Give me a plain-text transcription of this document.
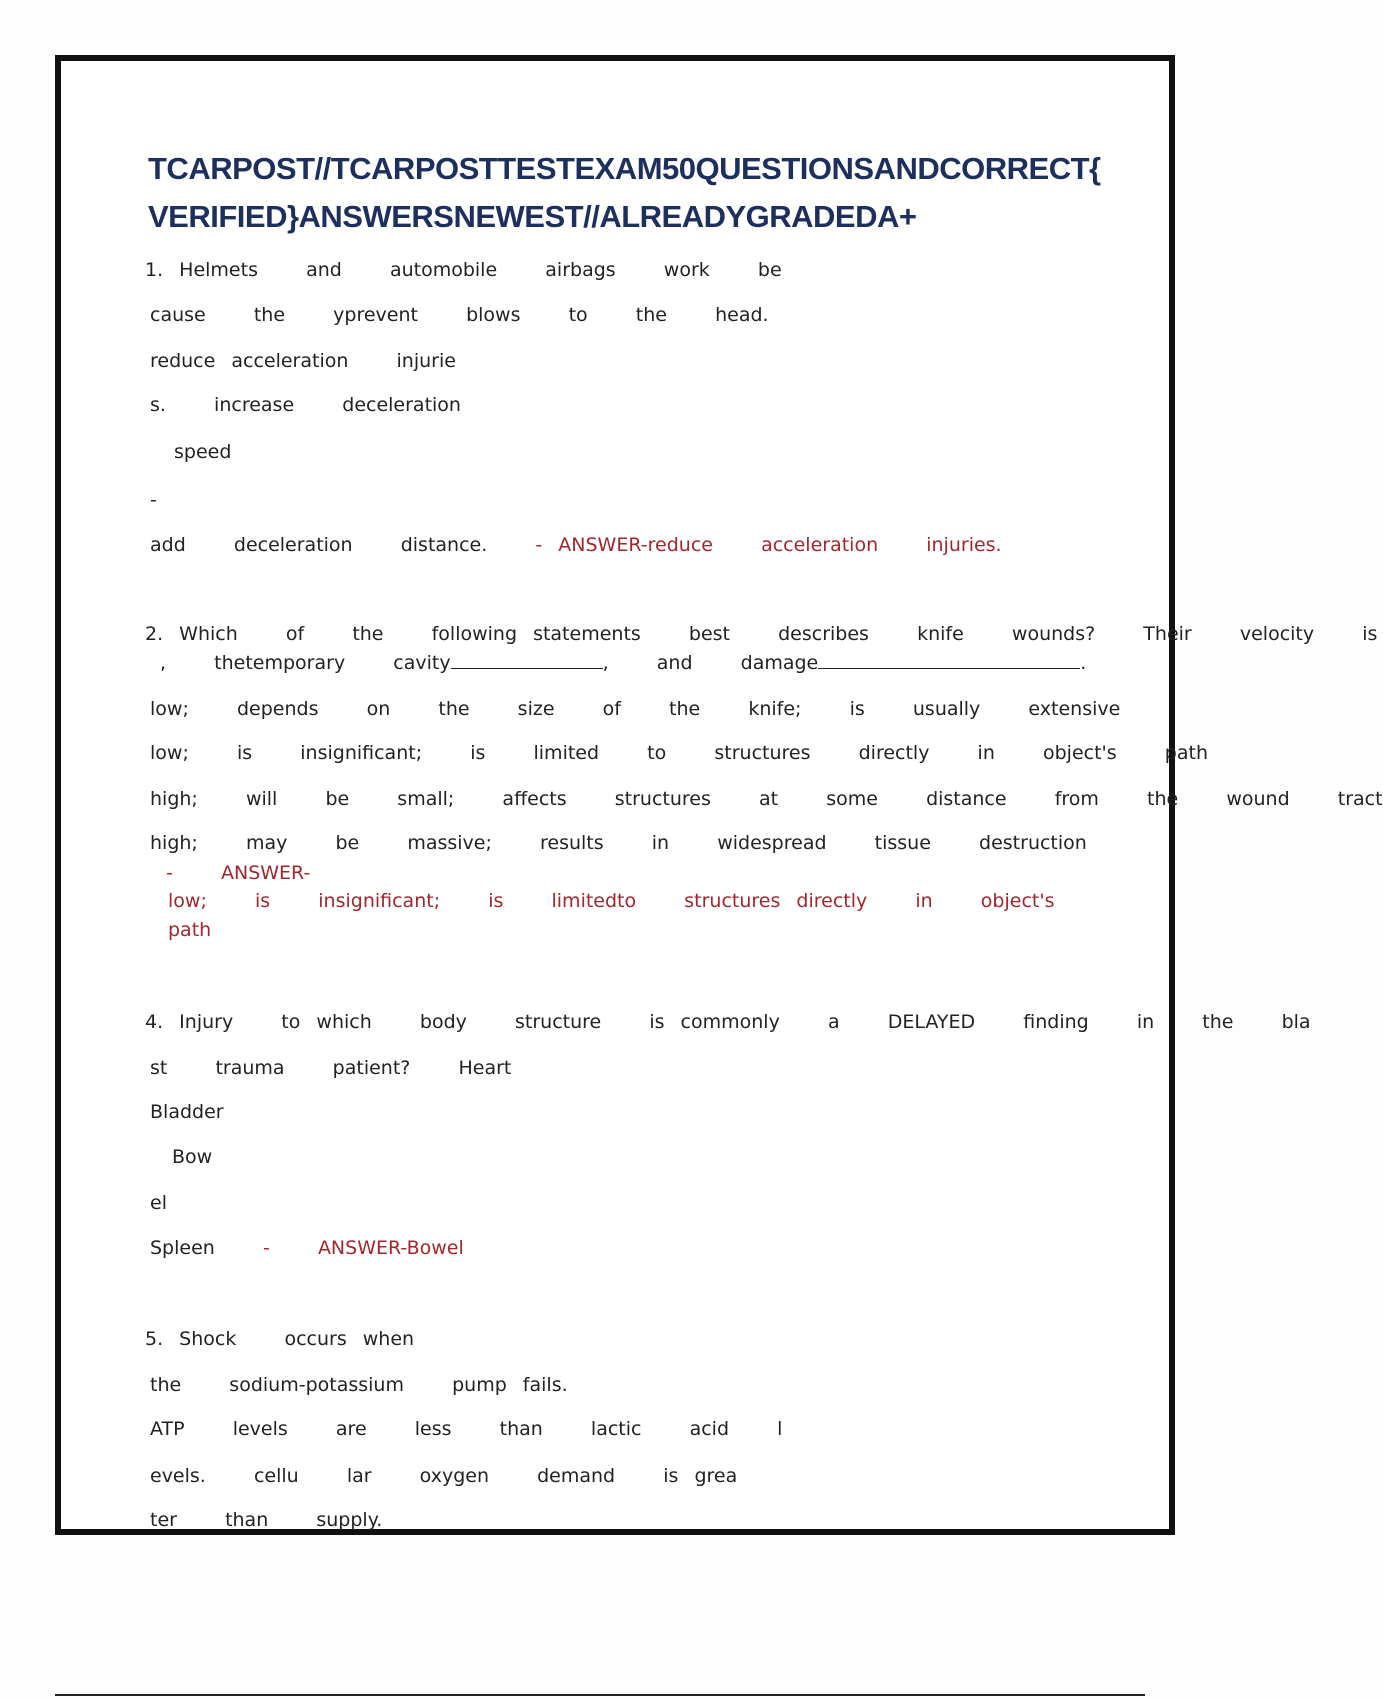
TCARPOST//TCARPOSTTESTEXAM50QUESTIONSANDCORRECT{
VERIFIED}ANSWERSNEWEST//ALREADYGRADEDA+
1. Helmets   and   automobile   airbags   work   be
cause   the   yprevent   blows   to   the   head.
reduce acceleration   injurie
s.   increase   deceleration
speed
-
add   deceleration   distance.	- ANSWER-reduce   acceleration   injuries.
2. Which   of   the   following statements   best   describes   knife   wounds?   Their   velocity   is
,   thetemporary   cavity	,   and   damage	.
low;   depends   on   the   size   of   the   knife;   is   usually   extensive
low;   is   insignificant;   is   limited   to   structures   directly   in   object's   path
high;   will   be   small;   affects   structures   at   some   distance   from   the   wound   tract
high;   may   be   massive;   results   in   widespread   tissue   destruction
-	ANSWER-
low;   is   insignificant;   is   limitedto   structures directly   in   object's
path
4. Injury   to which   body   structure   is commonly   a   DELAYED   finding   in   the   bla
st   trauma   patient?   Heart
Bladder
Bow
el
Spleen	-	ANSWER-Bowel
5. Shock   occurs when
the   sodium-potassium   pump fails.
ATP   levels   are   less   than   lactic   acid   l
evels.   cellu   lar   oxygen   demand   is grea
ter   than   supply.
